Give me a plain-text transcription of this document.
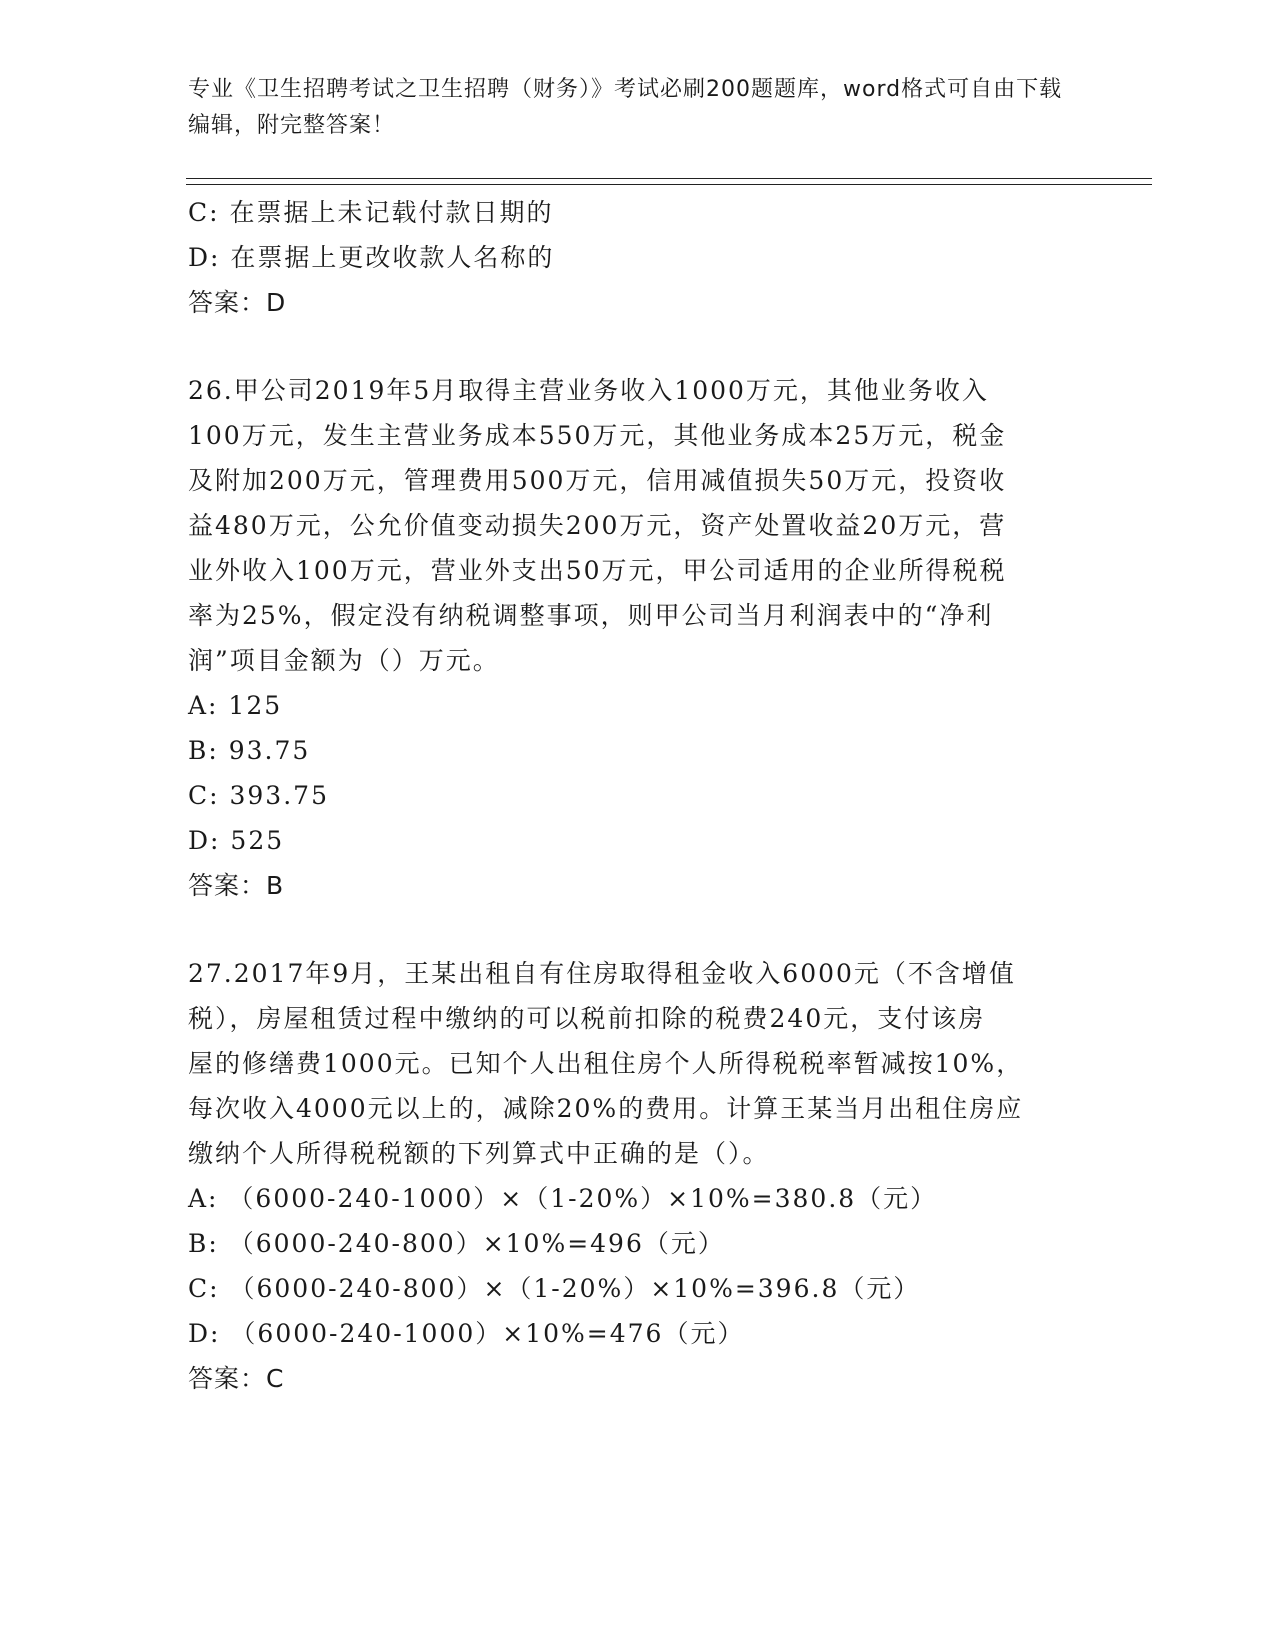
专业《卫生招聘考试之卫生招聘（财务）》考试必刷200题题库，word格式可自由下载编辑，附完整答案！
C: 在票据上未记载付款日期的
D: 在票据上更改收款人名称的
答案：D
26.甲公司2019年5月取得主营业务收入1000万元，其他业务收入
100万元，发生主营业务成本550万元，其他业务成本25万元，税金
及附加200万元，管理费用500万元，信用减值损失50万元，投资收
益480万元，公允价值变动损失200万元，资产处置收益20万元，营
业外收入100万元，营业外支出50万元，甲公司适用的企业所得税税
率为25%，假定没有纳税调整事项，则甲公司当月利润表中的“净利
润”项目金额为（）万元。
A: 125
B: 93.75
C: 393.75
D: 525
答案：B
27.2017年9月，王某出租自有住房取得租金收入6000元（不含增值
税），房屋租赁过程中缴纳的可以税前扣除的税费240元，支付该房
屋的修缮费1000元。已知个人出租住房个人所得税税率暂减按10%，
每次收入4000元以上的，减除20%的费用。计算王某当月出租住房应
缴纳个人所得税税额的下列算式中正确的是（）。
A: （6000-240-1000）×（1-20%）×10%=380.8（元）
B: （6000-240-800）×10%=496（元）
C: （6000-240-800）×（1-20%）×10%=396.8（元）
D: （6000-240-1000）×10%=476（元）
答案：C
